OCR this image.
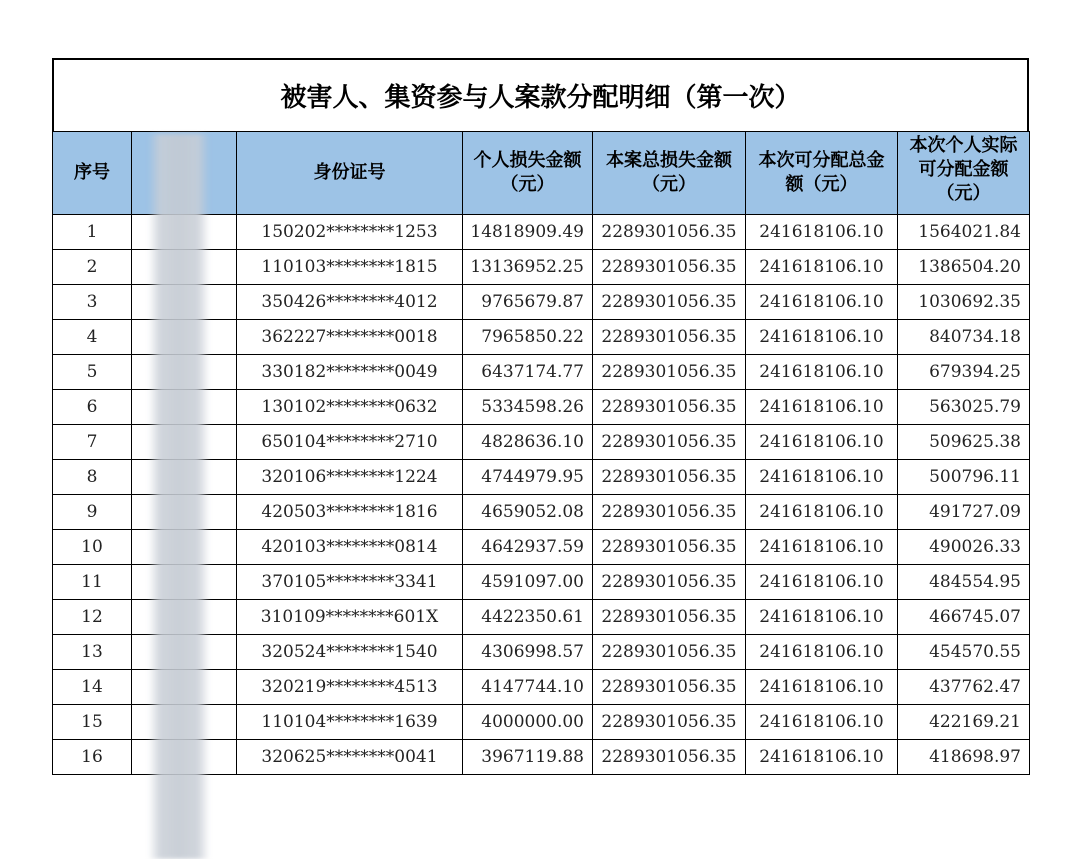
被害人、集资参与人案款分配明细（第一次）
序号		身份证号	个人损失金额（元）	本案总损失金额（元）	本次可分配总金额（元）	本次个人实际可分配金额（元）
1		150202********1253	14818909.49	2289301056.35	241618106.10	1564021.84
2		110103********1815	13136952.25	2289301056.35	241618106.10	1386504.20
3		350426********4012	9765679.87	2289301056.35	241618106.10	1030692.35
4		362227********0018	7965850.22	2289301056.35	241618106.10	840734.18
5		330182********0049	6437174.77	2289301056.35	241618106.10	679394.25
6		130102********0632	5334598.26	2289301056.35	241618106.10	563025.79
7		650104********2710	4828636.10	2289301056.35	241618106.10	509625.38
8		320106********1224	4744979.95	2289301056.35	241618106.10	500796.11
9		420503********1816	4659052.08	2289301056.35	241618106.10	491727.09
10		420103********0814	4642937.59	2289301056.35	241618106.10	490026.33
11		370105********3341	4591097.00	2289301056.35	241618106.10	484554.95
12		310109********601X	4422350.61	2289301056.35	241618106.10	466745.07
13		320524********1540	4306998.57	2289301056.35	241618106.10	454570.55
14		320219********4513	4147744.10	2289301056.35	241618106.10	437762.47
15		110104********1639	4000000.00	2289301056.35	241618106.10	422169.21
16		320625********0041	3967119.88	2289301056.35	241618106.10	418698.97
